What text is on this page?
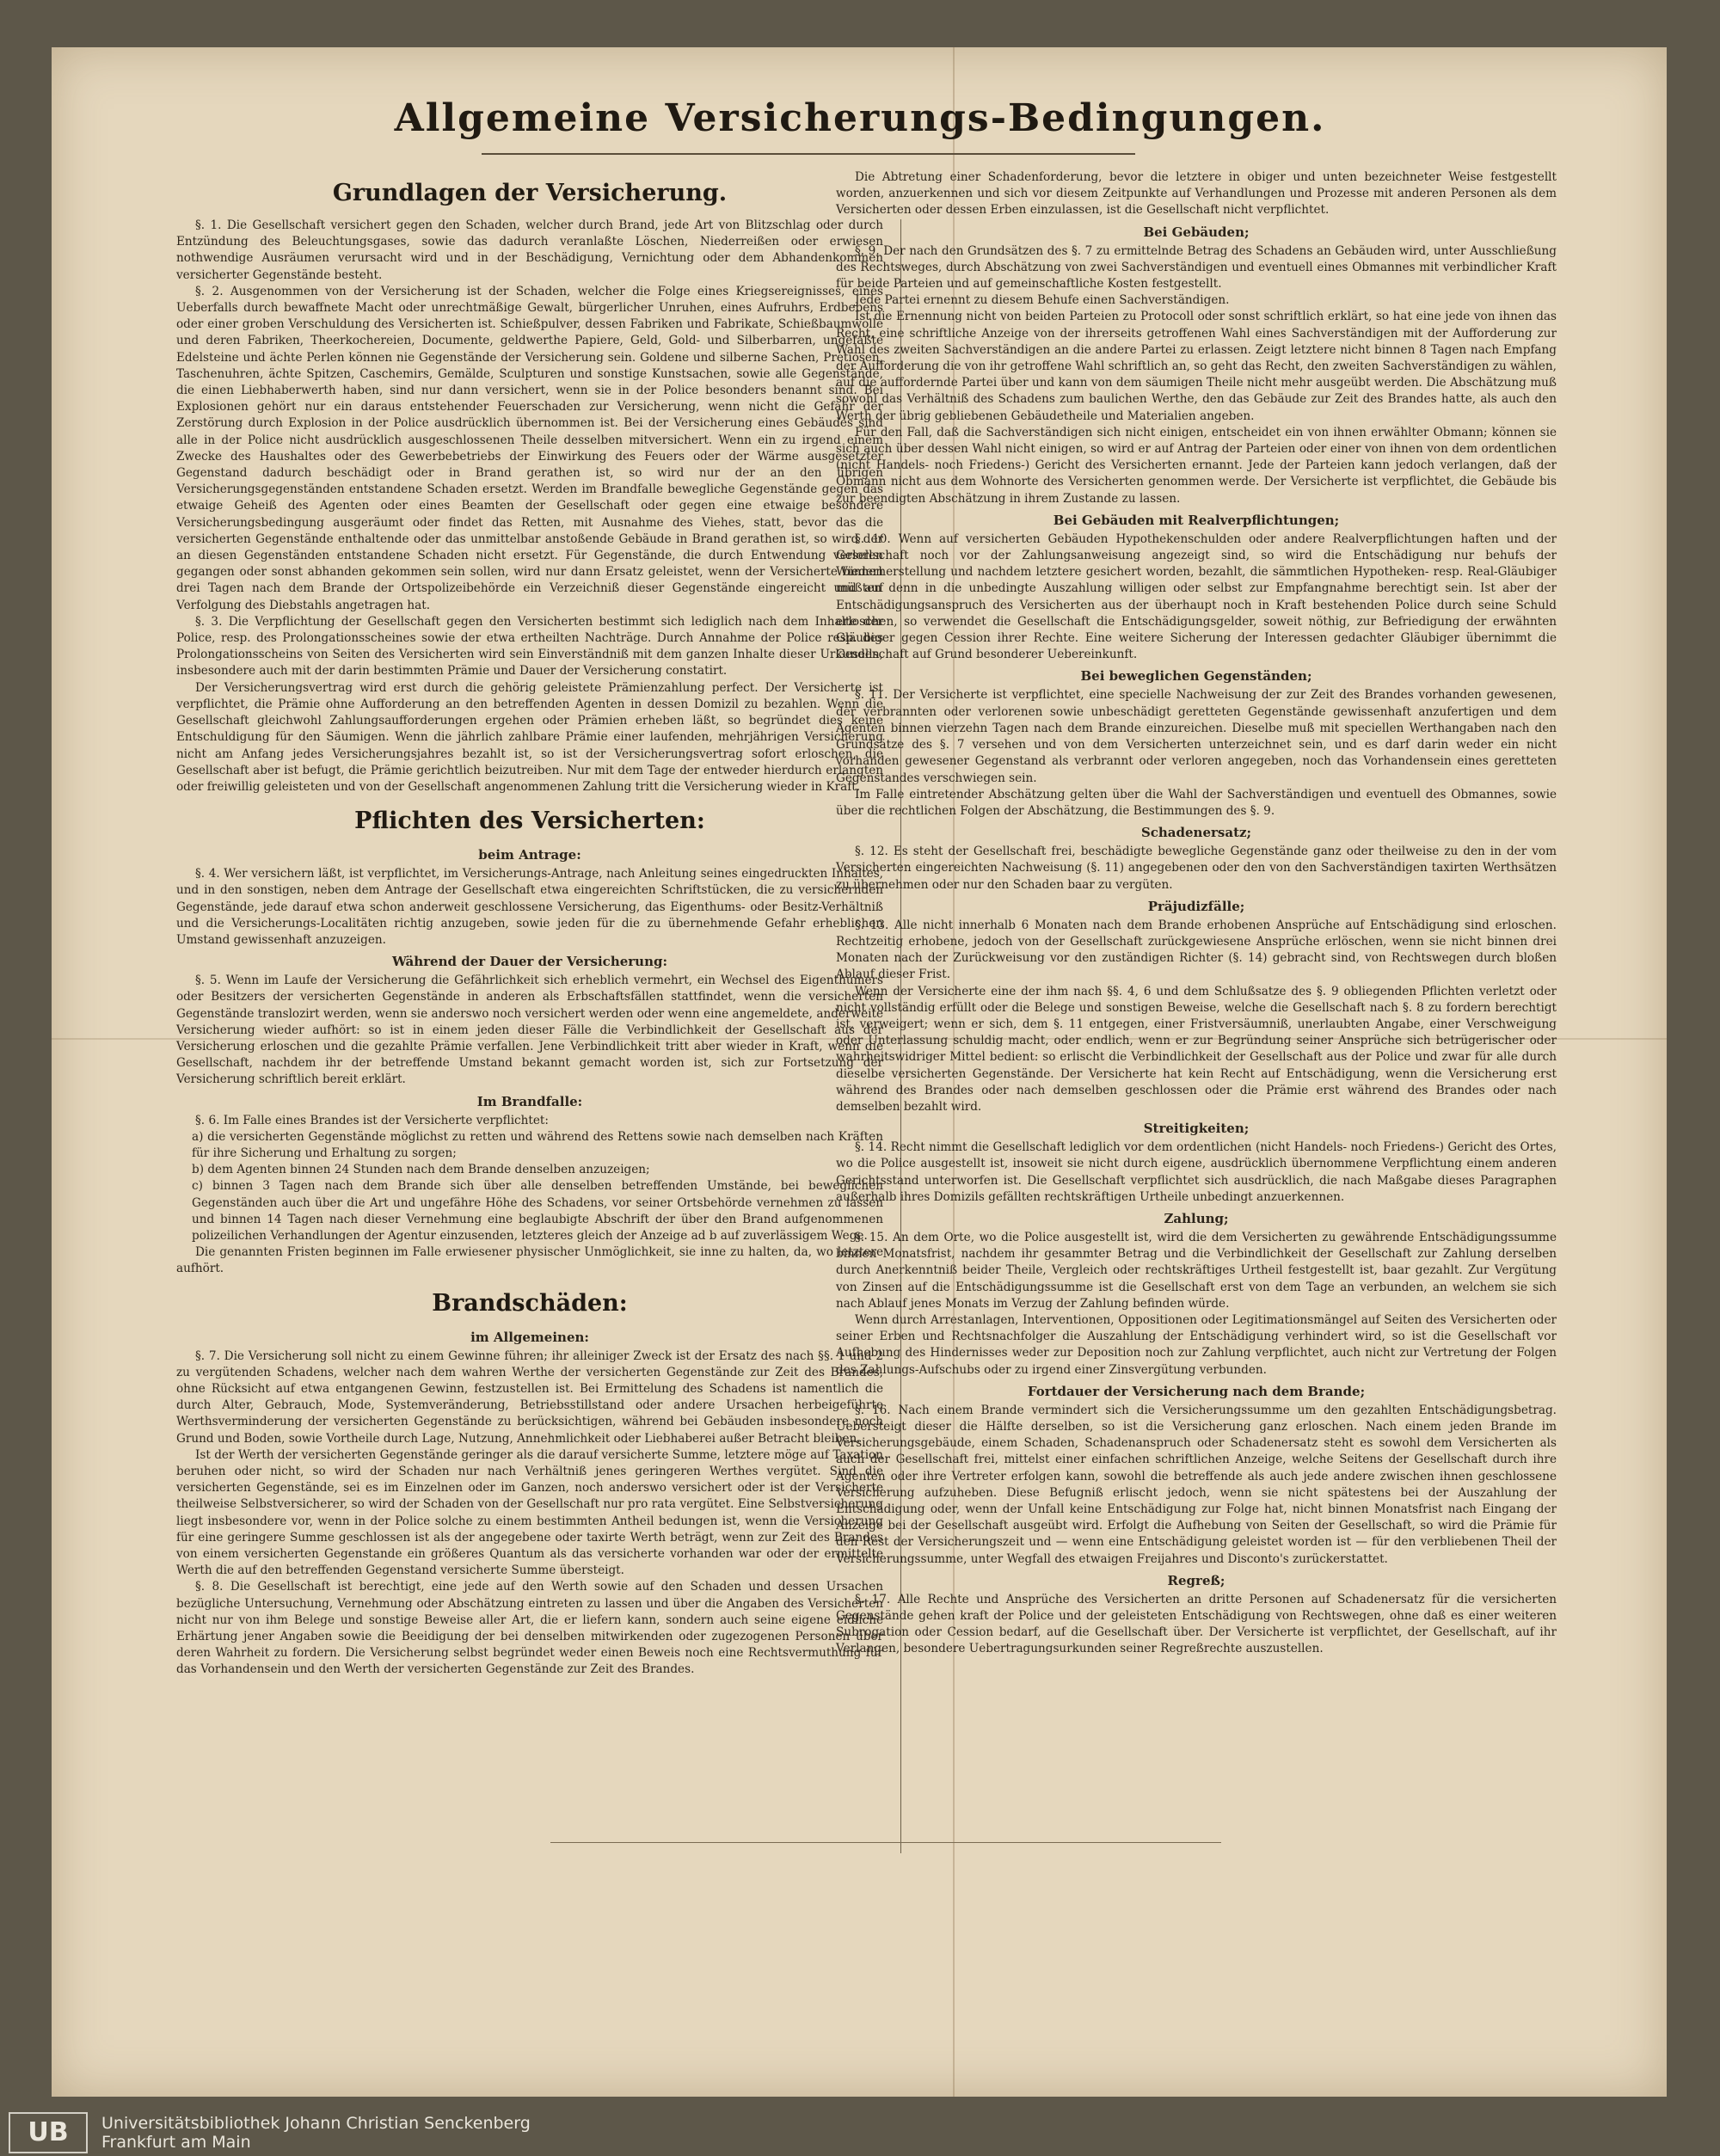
Allgemeine Versicherungs-Bedingungen.
Grundlagen der Versicherung.

§. 1. Die Gesellschaft versichert gegen den Schaden, welcher durch Brand, jede Art von Blitzschlag oder durch Entzündung des Beleuchtungsgases, sowie das dadurch veranlaßte Löschen, Niederreißen oder erwiesen nothwendige Ausräumen verursacht wird und in der Beschädigung, Vernichtung oder dem Abhandenkommen versicherter Gegenstände besteht.

§. 2. Ausgenommen von der Versicherung ist der Schaden, welcher die Folge eines Kriegsereignisses, eines Ueberfalls durch bewaffnete Macht oder unrechtmäßige Gewalt, bürgerlicher Unruhen, eines Aufruhrs, Erdbebens oder einer groben Verschuldung des Versicherten ist. Schießpulver, dessen Fabriken und Fabrikate, Schießbaumwolle und deren Fabriken, Theerkochereien, Documente, geldwerthe Papiere, Geld, Gold- und Silberbarren, ungefaßte Edelsteine und ächte Perlen können nie Gegenstände der Versicherung sein. Goldene und silberne Sachen, Pretiosen, Taschenuhren, ächte Spitzen, Caschemirs, Gemälde, Sculpturen und sonstige Kunstsachen, sowie alle Gegenstände, die einen Liebhaberwerth haben, sind nur dann versichert, wenn sie in der Police besonders benannt sind. Bei Explosionen gehört nur ein daraus entstehender Feuerschaden zur Versicherung, wenn nicht die Gefahr der Zerstörung durch Explosion in der Police ausdrücklich übernommen ist. Bei der Versicherung eines Gebäudes sind alle in der Police nicht ausdrücklich ausgeschlossenen Theile desselben mitversichert. Wenn ein zu irgend einem Zwecke des Haushaltes oder des Gewerbebetriebs der Einwirkung des Feuers oder der Wärme ausgesetzter Gegenstand dadurch beschädigt oder in Brand gerathen ist, so wird nur der an den übrigen Versicherungsgegenständen entstandene Schaden ersetzt. Werden im Brandfalle bewegliche Gegenstände gegen das etwaige Geheiß des Agenten oder eines Beamten der Gesellschaft oder gegen eine etwaige besondere Versicherungsbedingung ausgeräumt oder findet das Retten, mit Ausnahme des Viehes, statt, bevor das die versicherten Gegenstände enthaltende oder das unmittelbar anstoßende Gebäude in Brand gerathen ist, so wird der an diesen Gegenständen entstandene Schaden nicht ersetzt. Für Gegenstände, die durch Entwendung verloren gegangen oder sonst abhanden gekommen sein sollen, wird nur dann Ersatz geleistet, wenn der Versicherte binnen drei Tagen nach dem Brande der Ortspolizeibehörde ein Verzeichniß dieser Gegenstände eingereicht und auf Verfolgung des Diebstahls angetragen hat.

§. 3. Die Verpflichtung der Gesellschaft gegen den Versicherten bestimmt sich lediglich nach dem Inhalte der Police, resp. des Prolongationsscheines sowie der etwa ertheilten Nachträge. Durch Annahme der Police resp. des Prolongationsscheins von Seiten des Versicherten wird sein Einverständniß mit dem ganzen Inhalte dieser Urkunden, insbesondere auch mit der darin bestimmten Prämie und Dauer der Versicherung constatirt.

Der Versicherungsvertrag wird erst durch die gehörig geleistete Prämienzahlung perfect. Der Versicherte ist verpflichtet, die Prämie ohne Aufforderung an den betreffenden Agenten in dessen Domizil zu bezahlen. Wenn die Gesellschaft gleichwohl Zahlungsaufforderungen ergehen oder Prämien erheben läßt, so begründet dies keine Entschuldigung für den Säumigen. Wenn die jährlich zahlbare Prämie einer laufenden, mehrjährigen Versicherung nicht am Anfang jedes Versicherungsjahres bezahlt ist, so ist der Versicherungsvertrag sofort erloschen, die Gesellschaft aber ist befugt, die Prämie gerichtlich beizutreiben. Nur mit dem Tage der entweder hierdurch erlangten oder freiwillig geleisteten und von der Gesellschaft angenommenen Zahlung tritt die Versicherung wieder in Kraft.

Pflichten des Versicherten:
beim Antrage:

§. 4. Wer versichern läßt, ist verpflichtet, im Versicherungs-Antrage, nach Anleitung seines eingedruckten Inhaltes, und in den sonstigen, neben dem Antrage der Gesellschaft etwa eingereichten Schriftstücken, die zu versichernden Gegenstände, jede darauf etwa schon anderweit geschlossene Versicherung, das Eigenthums- oder Besitz-Verhältniß und die Versicherungs-Localitäten richtig anzugeben, sowie jeden für die zu übernehmende Gefahr erheblichen Umstand gewissenhaft anzuzeigen.

Während der Dauer der Versicherung:

§. 5. Wenn im Laufe der Versicherung die Gefährlichkeit sich erheblich vermehrt, ein Wechsel des Eigenthümers oder Besitzers der versicherten Gegenstände in anderen als Erbschaftsfällen stattfindet, wenn die versicherten Gegenstände translozirt werden, wenn sie anderswo noch versichert werden oder wenn eine angemeldete, anderweite Versicherung wieder aufhört: so ist in einem jeden dieser Fälle die Verbindlichkeit der Gesellschaft aus der Versicherung erloschen und die gezahlte Prämie verfallen. Jene Verbindlichkeit tritt aber wieder in Kraft, wenn die Gesellschaft, nachdem ihr der betreffende Umstand bekannt gemacht worden ist, sich zur Fortsetzung der Versicherung schriftlich bereit erklärt.

Im Brandfalle:

§. 6. Im Falle eines Brandes ist der Versicherte verpflichtet:

a) die versicherten Gegenstände möglichst zu retten und während des Rettens sowie nach demselben nach Kräften für ihre Sicherung und Erhaltung zu sorgen;
b) dem Agenten binnen 24 Stunden nach dem Brande denselben anzuzeigen;
c) binnen 3 Tagen nach dem Brande sich über alle denselben betreffenden Umstände, bei beweglichen Gegenständen auch über die Art und ungefähre Höhe des Schadens, vor seiner Ortsbehörde vernehmen zu lassen und binnen 14 Tagen nach dieser Vernehmung eine beglaubigte Abschrift der über den Brand aufgenommenen polizeilichen Verhandlungen der Agentur einzusenden, letzteres gleich der Anzeige ad b auf zuverlässigem Wege.

Die genannten Fristen beginnen im Falle erwiesener physischer Unmöglichkeit, sie inne zu halten, da, wo letztere aufhört.

Brandschäden:
im Allgemeinen:

§. 7. Die Versicherung soll nicht zu einem Gewinne führen; ihr alleiniger Zweck ist der Ersatz des nach §§. 1 und 2 zu vergütenden Schadens, welcher nach dem wahren Werthe der versicherten Gegenstände zur Zeit des Brandes, ohne Rücksicht auf etwa entgangenen Gewinn, festzustellen ist. Bei Ermittelung des Schadens ist namentlich die durch Alter, Gebrauch, Mode, Systemveränderung, Betriebsstillstand oder andere Ursachen herbeigeführte Werthsverminderung der versicherten Gegenstände zu berücksichtigen, während bei Gebäuden insbesondere noch Grund und Boden, sowie Vortheile durch Lage, Nutzung, Annehmlichkeit oder Liebhaberei außer Betracht bleiben.

Ist der Werth der versicherten Gegenstände geringer als die darauf versicherte Summe, letztere möge auf Taxation beruhen oder nicht, so wird der Schaden nur nach Verhältniß jenes geringeren Werthes vergütet. Sind die versicherten Gegenstände, sei es im Einzelnen oder im Ganzen, noch anderswo versichert oder ist der Versicherte theilweise Selbstversicherer, so wird der Schaden von der Gesellschaft nur pro rata vergütet. Eine Selbstversicherung liegt insbesondere vor, wenn in der Police solche zu einem bestimmten Antheil bedungen ist, wenn die Versicherung für eine geringere Summe geschlossen ist als der angegebene oder taxirte Werth beträgt, wenn zur Zeit des Brandes von einem versicherten Gegenstande ein größeres Quantum als das versicherte vorhanden war oder der ermittelte Werth die auf den betreffenden Gegenstand versicherte Summe übersteigt.

§. 8. Die Gesellschaft ist berechtigt, eine jede auf den Werth sowie auf den Schaden und dessen Ursachen bezügliche Untersuchung, Vernehmung oder Abschätzung eintreten zu lassen und über die Angaben des Versicherten nicht nur von ihm Belege und sonstige Beweise aller Art, die er liefern kann, sondern auch seine eigene eidliche Erhärtung jener Angaben sowie die Beeidigung der bei denselben mitwirkenden oder zugezogenen Personen über deren Wahrheit zu fordern. Die Versicherung selbst begründet weder einen Beweis noch eine Rechtsvermuthung für das Vorhandensein und den Werth der versicherten Gegenstände zur Zeit des Brandes.

Die Abtretung einer Schadenforderung, bevor die letztere in obiger und unten bezeichneter Weise festgestellt worden, anzuerkennen und sich vor diesem Zeitpunkte auf Verhandlungen und Prozesse mit anderen Personen als dem Versicherten oder dessen Erben einzulassen, ist die Gesellschaft nicht verpflichtet.

Bei Gebäuden;

§. 9. Der nach den Grundsätzen des §. 7 zu ermittelnde Betrag des Schadens an Gebäuden wird, unter Ausschließung des Rechtsweges, durch Abschätzung von zwei Sachverständigen und eventuell eines Obmannes mit verbindlicher Kraft für beide Parteien und auf gemeinschaftliche Kosten festgestellt.

Jede Partei ernennt zu diesem Behufe einen Sachverständigen.

Ist die Ernennung nicht von beiden Parteien zu Protocoll oder sonst schriftlich erklärt, so hat eine jede von ihnen das Recht, eine schriftliche Anzeige von der ihrerseits getroffenen Wahl eines Sachverständigen mit der Aufforderung zur Wahl des zweiten Sachverständigen an die andere Partei zu erlassen. Zeigt letztere nicht binnen 8 Tagen nach Empfang der Aufforderung die von ihr getroffene Wahl schriftlich an, so geht das Recht, den zweiten Sachverständigen zu wählen, auf die auffordernde Partei über und kann von dem säumigen Theile nicht mehr ausgeübt werden. Die Abschätzung muß sowohl das Verhältniß des Schadens zum baulichen Werthe, den das Gebäude zur Zeit des Brandes hatte, als auch den Werth der übrig gebliebenen Gebäudetheile und Materialien angeben.

Für den Fall, daß die Sachverständigen sich nicht einigen, entscheidet ein von ihnen erwählter Obmann; können sie sich auch über dessen Wahl nicht einigen, so wird er auf Antrag der Parteien oder einer von ihnen von dem ordentlichen (nicht Handels- noch Friedens-) Gericht des Versicherten ernannt. Jede der Parteien kann jedoch verlangen, daß der Obmann nicht aus dem Wohnorte des Versicherten genommen werde. Der Versicherte ist verpflichtet, die Gebäude bis zur beendigten Abschätzung in ihrem Zustande zu lassen.

Bei Gebäuden mit Realverpflichtungen;

§. 10. Wenn auf versicherten Gebäuden Hypothekenschulden oder andere Realverpflichtungen haften und der Gesellschaft noch vor der Zahlungsanweisung angezeigt sind, so wird die Entschädigung nur behufs der Wiederherstellung und nachdem letztere gesichert worden, bezahlt, die sämmtlichen Hypotheken- resp. Real-Gläubiger müßten denn in die unbedingte Auszahlung willigen oder selbst zur Empfangnahme berechtigt sein. Ist aber der Entschädigungsanspruch des Versicherten aus der überhaupt noch in Kraft bestehenden Police durch seine Schuld erloschen, so verwendet die Gesellschaft die Entschädigungsgelder, soweit nöthig, zur Befriedigung der erwähnten Gläubiger gegen Cession ihrer Rechte. Eine weitere Sicherung der Interessen gedachter Gläubiger übernimmt die Gesellschaft auf Grund besonderer Uebereinkunft.

Bei beweglichen Gegenständen;

§. 11. Der Versicherte ist verpflichtet, eine specielle Nachweisung der zur Zeit des Brandes vorhanden gewesenen, der verbrannten oder verlorenen sowie unbeschädigt geretteten Gegenstände gewissenhaft anzufertigen und dem Agenten binnen vierzehn Tagen nach dem Brande einzureichen. Dieselbe muß mit speciellen Werthangaben nach den Grundsätze des §. 7 versehen und von dem Versicherten unterzeichnet sein, und es darf darin weder ein nicht vorhanden gewesener Gegenstand als verbrannt oder verloren angegeben, noch das Vorhandensein eines geretteten Gegenstandes verschwiegen sein.

Im Falle eintretender Abschätzung gelten über die Wahl der Sachverständigen und eventuell des Obmannes, sowie über die rechtlichen Folgen der Abschätzung, die Bestimmungen des §. 9.

Schadenersatz;

§. 12. Es steht der Gesellschaft frei, beschädigte bewegliche Gegenstände ganz oder theilweise zu den in der vom Versicherten eingereichten Nachweisung (§. 11) angegebenen oder den von den Sachverständigen taxirten Werthsätzen zu übernehmen oder nur den Schaden baar zu vergüten.

Präjudizfälle;

§. 13. Alle nicht innerhalb 6 Monaten nach dem Brande erhobenen Ansprüche auf Entschädigung sind erloschen. Rechtzeitig erhobene, jedoch von der Gesellschaft zurückgewiesene Ansprüche erlöschen, wenn sie nicht binnen drei Monaten nach der Zurückweisung vor den zuständigen Richter (§. 14) gebracht sind, von Rechtswegen durch bloßen Ablauf dieser Frist.

Wenn der Versicherte eine der ihm nach §§. 4, 6 und dem Schlußsatze des §. 9 obliegenden Pflichten verletzt oder nicht vollständig erfüllt oder die Belege und sonstigen Beweise, welche die Gesellschaft nach §. 8 zu fordern berechtigt ist, verweigert; wenn er sich, dem §. 11 entgegen, einer Fristversäumniß, unerlaubten Angabe, einer Verschweigung oder Unterlassung schuldig macht, oder endlich, wenn er zur Begründung seiner Ansprüche sich betrügerischer oder wahrheitswidriger Mittel bedient: so erlischt die Verbindlichkeit der Gesellschaft aus der Police und zwar für alle durch dieselbe versicherten Gegenstände. Der Versicherte hat kein Recht auf Entschädigung, wenn die Versicherung erst während des Brandes oder nach demselben geschlossen oder die Prämie erst während des Brandes oder nach demselben bezahlt wird.

Streitigkeiten;

§. 14. Recht nimmt die Gesellschaft lediglich vor dem ordentlichen (nicht Handels- noch Friedens-) Gericht des Ortes, wo die Police ausgestellt ist, insoweit sie nicht durch eigene, ausdrücklich übernommene Verpflichtung einem anderen Gerichtsstand unterworfen ist. Die Gesellschaft verpflichtet sich ausdrücklich, die nach Maßgabe dieses Paragraphen außerhalb ihres Domizils gefällten rechtskräftigen Urtheile unbedingt anzuerkennen.

Zahlung;

§. 15. An dem Orte, wo die Police ausgestellt ist, wird die dem Versicherten zu gewährende Entschädigungssumme binnen Monatsfrist, nachdem ihr gesammter Betrag und die Verbindlichkeit der Gesellschaft zur Zahlung derselben durch Anerkenntniß beider Theile, Vergleich oder rechtskräftiges Urtheil festgestellt ist, baar gezahlt. Zur Vergütung von Zinsen auf die Entschädigungssumme ist die Gesellschaft erst von dem Tage an verbunden, an welchem sie sich nach Ablauf jenes Monats im Verzug der Zahlung befinden würde.

Wenn durch Arrestanlagen, Interventionen, Oppositionen oder Legitimationsmängel auf Seiten des Versicherten oder seiner Erben und Rechtsnachfolger die Auszahlung der Entschädigung verhindert wird, so ist die Gesellschaft vor Aufhebung des Hindernisses weder zur Deposition noch zur Zahlung verpflichtet, auch nicht zur Vertretung der Folgen des Zahlungs-Aufschubs oder zu irgend einer Zinsvergütung verbunden.

Fortdauer der Versicherung nach dem Brande;

§. 16. Nach einem Brande vermindert sich die Versicherungssumme um den gezahlten Entschädigungsbetrag. Uebersteigt dieser die Hälfte derselben, so ist die Versicherung ganz erloschen. Nach einem jeden Brande im Versicherungsgebäude, einem Schaden, Schadenanspruch oder Schadenersatz steht es sowohl dem Versicherten als auch der Gesellschaft frei, mittelst einer einfachen schriftlichen Anzeige, welche Seitens der Gesellschaft durch ihre Agenten oder ihre Vertreter erfolgen kann, sowohl die betreffende als auch jede andere zwischen ihnen geschlossene Versicherung aufzuheben. Diese Befugniß erlischt jedoch, wenn sie nicht spätestens bei der Auszahlung der Entschädigung oder, wenn der Unfall keine Entschädigung zur Folge hat, nicht binnen Monatsfrist nach Eingang der Anzeige bei der Gesellschaft ausgeübt wird. Erfolgt die Aufhebung von Seiten der Gesellschaft, so wird die Prämie für den Rest der Versicherungszeit und — wenn eine Entschädigung geleistet worden ist — für den verbliebenen Theil der Versicherungssumme, unter Wegfall des etwaigen Freijahres und Disconto's zurückerstattet.

Regreß;

§. 17. Alle Rechte und Ansprüche des Versicherten an dritte Personen auf Schadenersatz für die versicherten Gegenstände gehen kraft der Police und der geleisteten Entschädigung von Rechtswegen, ohne daß es einer weiteren Subrogation oder Cession bedarf, auf die Gesellschaft über. Der Versicherte ist verpflichtet, der Gesellschaft, auf ihr Verlangen, besondere Uebertragungsurkunden seiner Regreßrechte auszustellen.

UB	Universitätsbibliothek Johann Christian Senckenberg
Frankfurt am Main
